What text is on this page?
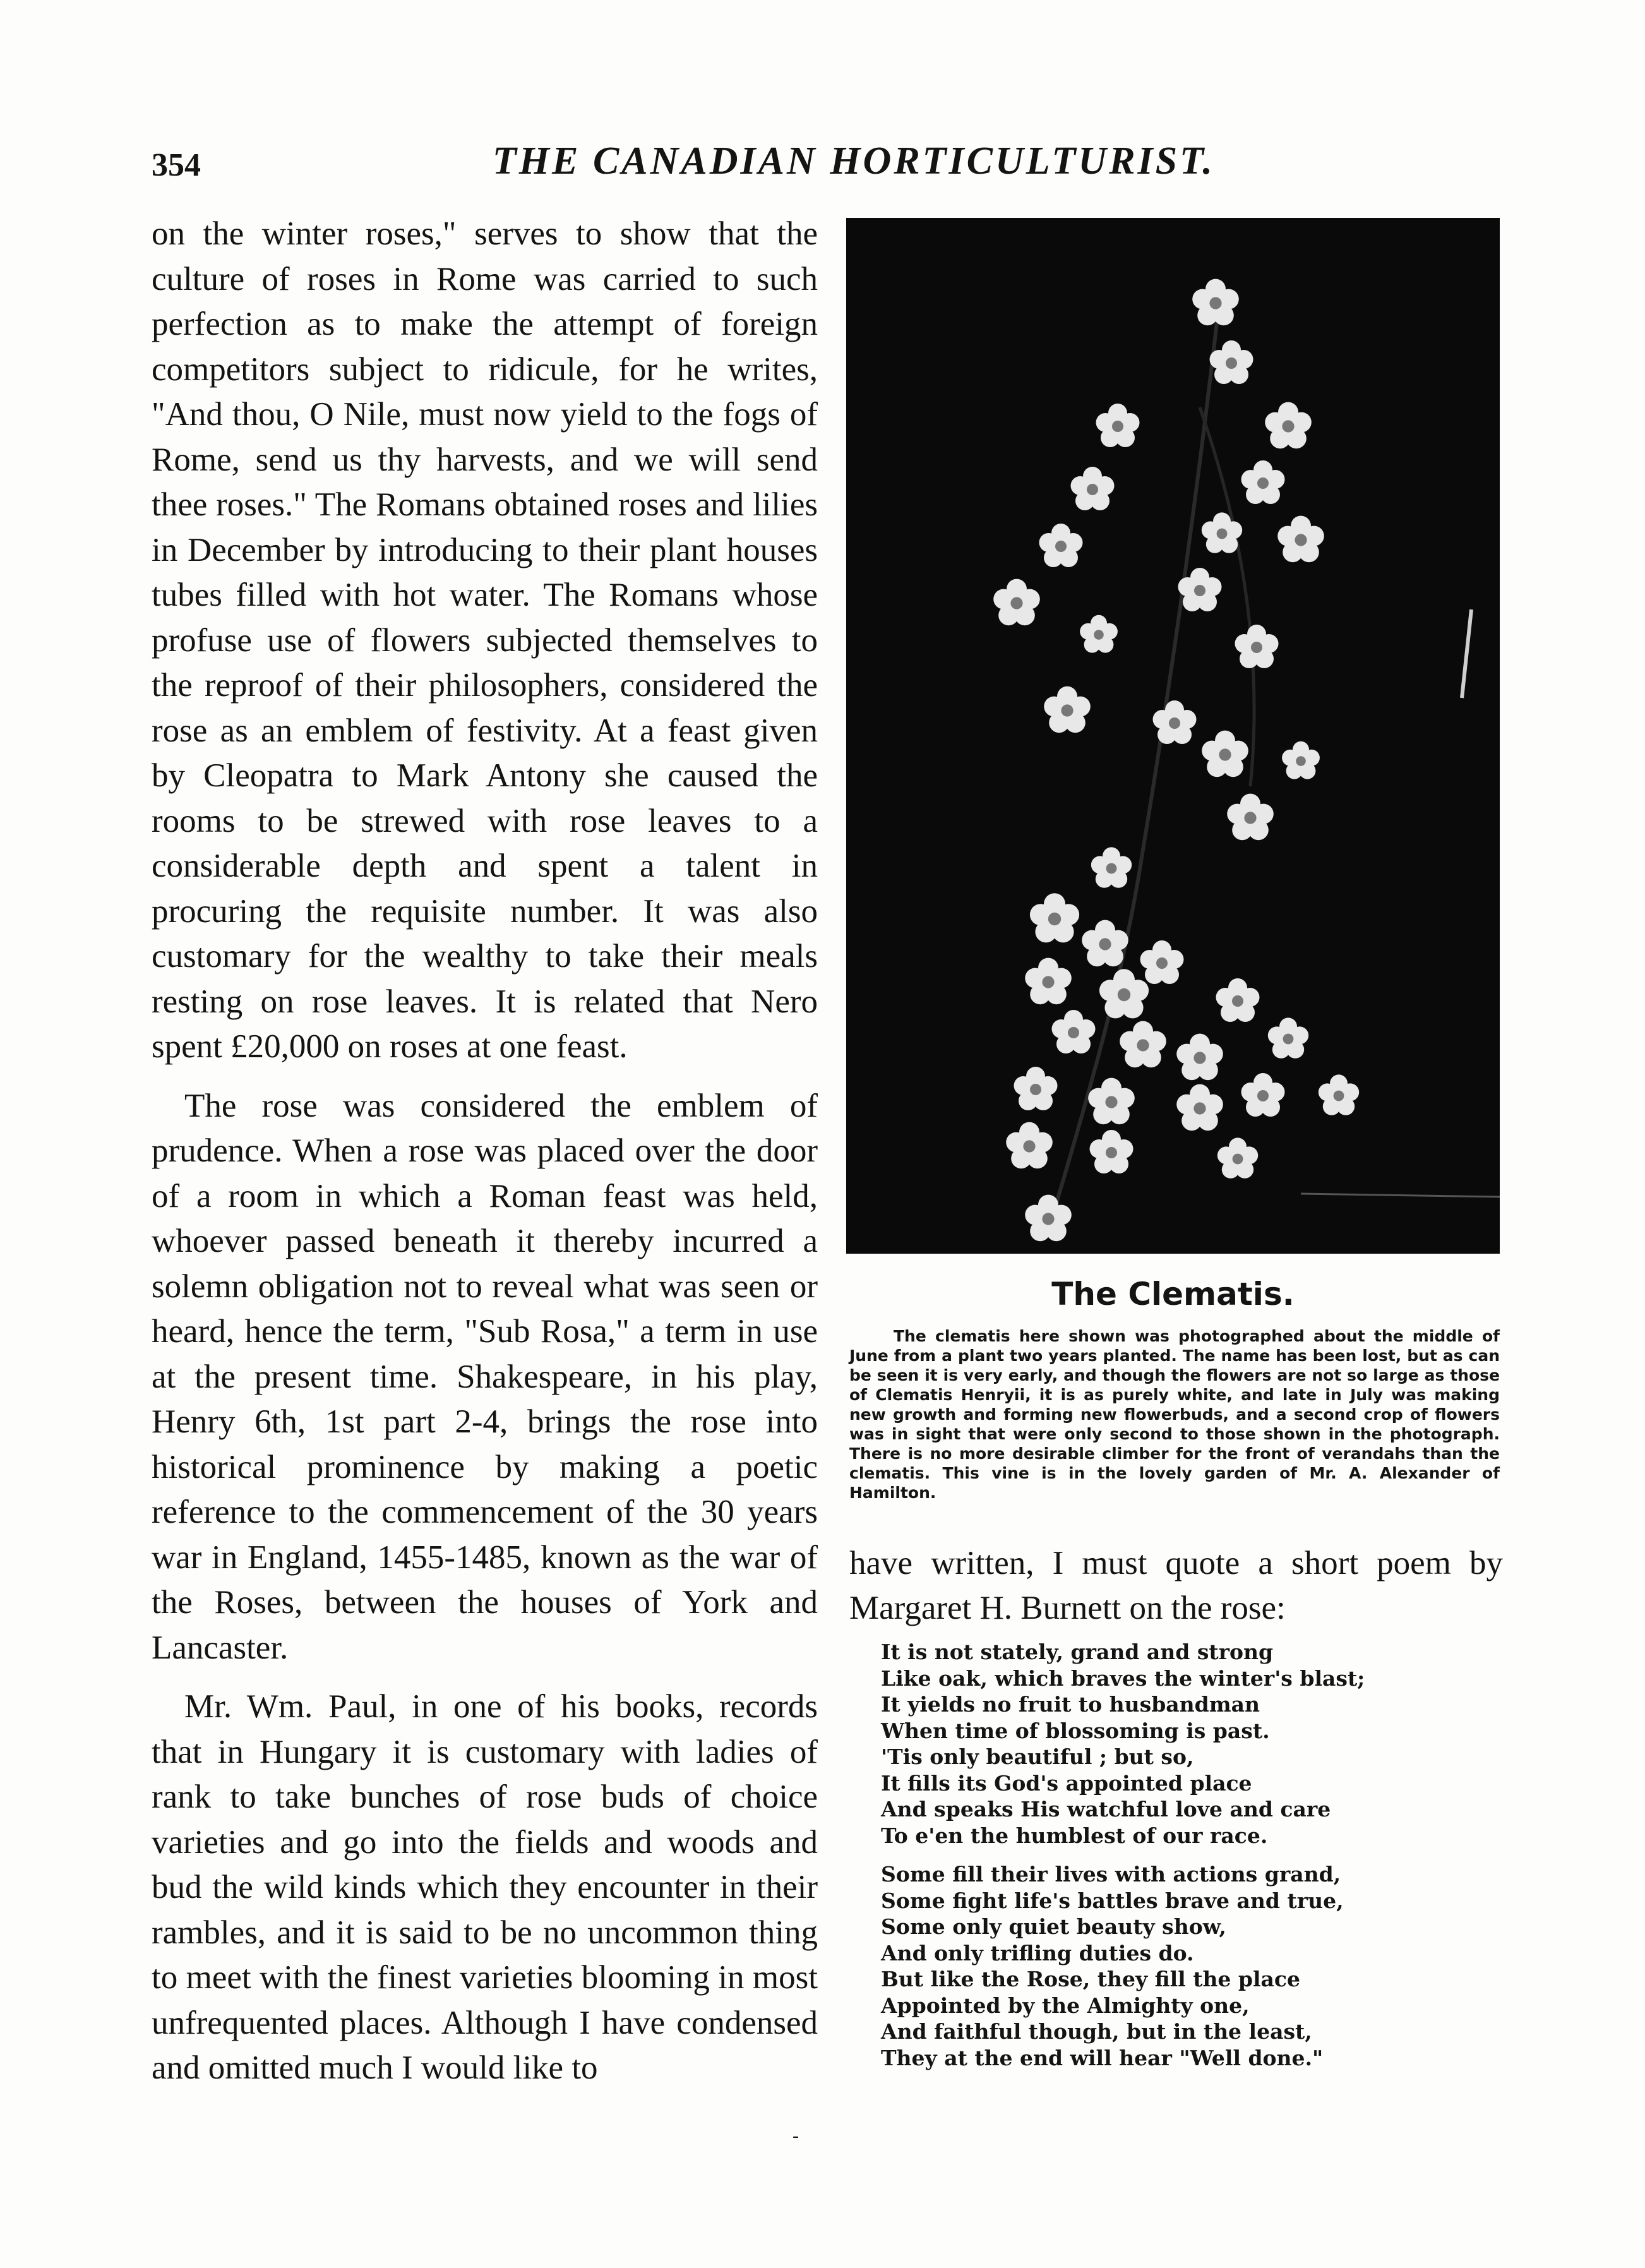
354	THE CANADIAN HORTICULTURIST.

on the winter roses," serves to show that the culture of roses in Rome was carried to such perfection as to make the attempt of foreign competitors subject to ridicule, for he writes, "And thou, O Nile, must now yield to the fogs of Rome, send us thy harvests, and we will send thee roses." The Romans obtained roses and lilies in December by introducing to their plant houses tubes filled with hot water. The Romans whose profuse use of flowers subjected themselves to the reproof of their philosophers, considered the rose as an emblem of festivity. At a feast given by Cleopatra to Mark Antony she caused the rooms to be strewed with rose leaves to a considerable depth and spent a talent in procuring the requisite number. It was also customary for the wealthy to take their meals resting on rose leaves. It is related that Nero spent £20,000 on roses at one feast.

The rose was considered the emblem of prudence. When a rose was placed over the door of a room in which a Roman feast was held, whoever passed beneath it thereby incurred a solemn obligation not to reveal what was seen or heard, hence the term, "Sub Rosa," a term in use at the present time. Shakespeare, in his play, Henry 6th, 1st part 2-4, brings the rose into historical prominence by making a poetic reference to the commencement of the 30 years war in England, 1455-1485, known as the war of the Roses, between the houses of York and Lancaster.

Mr. Wm. Paul, in one of his books, records that in Hungary it is customary with ladies of rank to take bunches of rose buds of choice varieties and go into the fields and woods and bud the wild kinds which they encounter in their rambles, and it is said to be no uncommon thing to meet with the finest varieties blooming in most unfrequented places. Although I have condensed and omitted much I would like to

The Clematis.
The clematis here shown was photographed about the middle of June from a plant two years planted. The name has been lost, but as can be seen it is very early, and though the flowers are not so large as those of Clematis Henryii, it is as purely white, and late in July was making new growth and forming new flowerbuds, and a second crop of flowers was in sight that were only second to those shown in the photograph. There is no more desirable climber for the front of verandahs than the clematis. This vine is in the lovely garden of Mr. A. Alexander of Hamilton.
have written, I must quote a short poem by Margaret H. Burnett on the rose:
It is not stately, grand and strong
Like oak, which braves the winter's blast;
It yields no fruit to husbandman
When time of blossoming is past.
'Tis only beautiful ; but so,
It fills its God's appointed place
And speaks His watchful love and care
To e'en the humblest of our race.
Some fill their lives with actions grand,
Some fight life's battles brave and true,
Some only quiet beauty show,
And only trifling duties do.
But like the Rose, they fill the place
Appointed by the Almighty one,
And faithful though, but in the least,
They at the end will hear "Well done."
-
